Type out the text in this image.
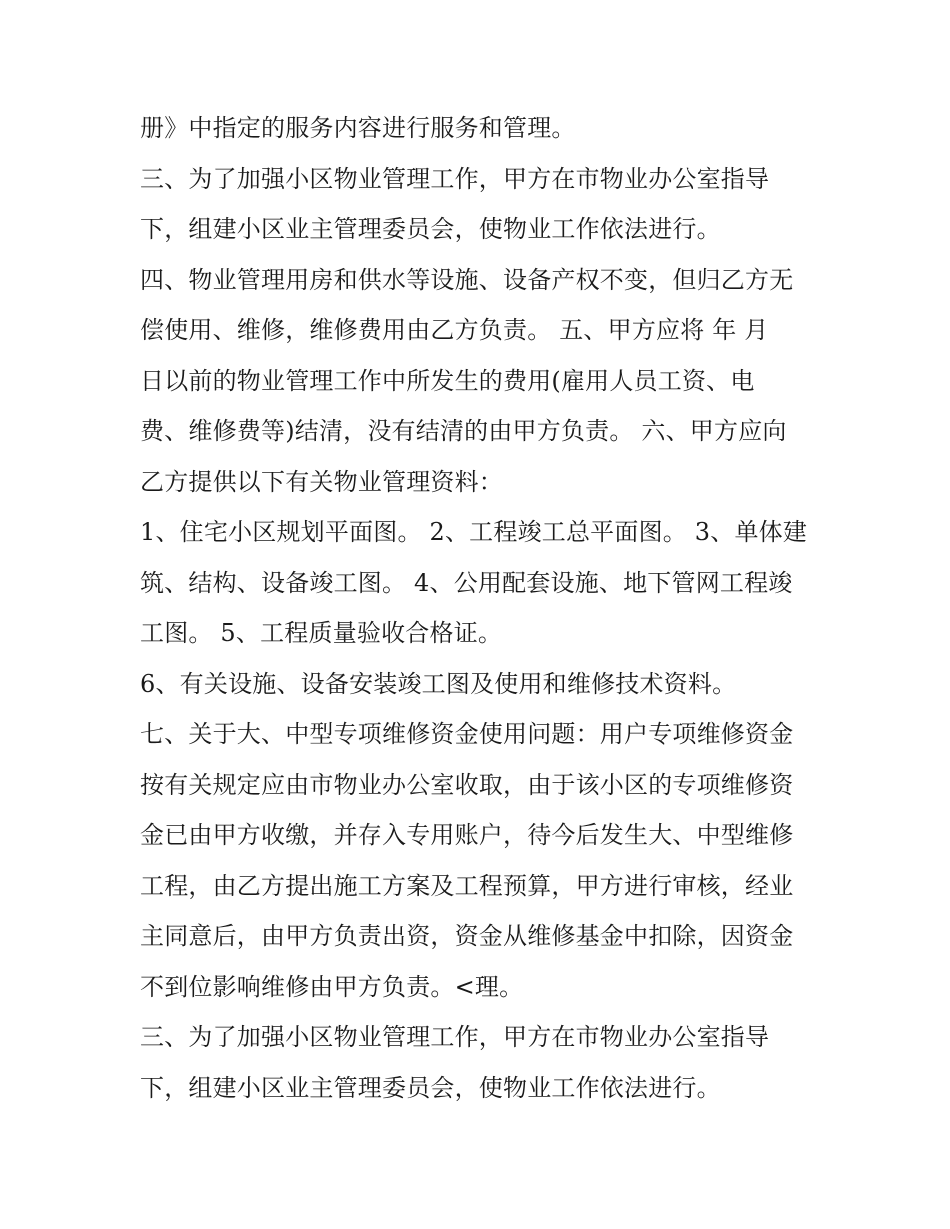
册》中指定的服务内容进行服务和管理。
三、为了加强小区物业管理工作，甲方在市物业办公室指导
下，组建小区业主管理委员会，使物业工作依法进行。
四、物业管理用房和供水等设施、设备产权不变，但归乙方无
偿使用、维修，维修费用由乙方负责。 五、甲方应将 年 月
日以前的物业管理工作中所发生的费用(雇用人员工资、电
费、维修费等)结清，没有结清的由甲方负责。 六、甲方应向
乙方提供以下有关物业管理资料：
1、住宅小区规划平面图。 2、工程竣工总平面图。 3、单体建
筑、结构、设备竣工图。 4、公用配套设施、地下管网工程竣
工图。 5、工程质量验收合格证。
6、有关设施、设备安装竣工图及使用和维修技术资料。
七、关于大、中型专项维修资金使用问题：用户专项维修资金
按有关规定应由市物业办公室收取，由于该小区的专项维修资
金已由甲方收缴，并存入专用账户，待今后发生大、中型维修
工程，由乙方提出施工方案及工程预算，甲方进行审核，经业
主同意后，由甲方负责出资，资金从维修基金中扣除，因资金
不到位影响维修由甲方负责。<理。
三、为了加强小区物业管理工作，甲方在市物业办公室指导
下，组建小区业主管理委员会，使物业工作依法进行。
